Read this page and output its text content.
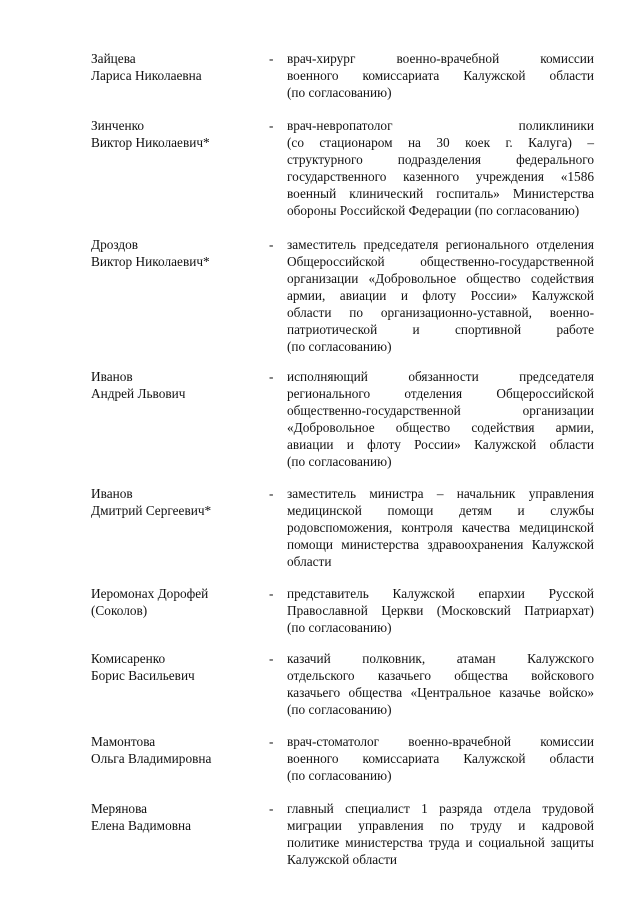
Зайцева
Лариса Николаевна
- врач-хирург военно-врачебной комиссии
военного комиссариата Калужской области
(по согласованию)
Зинченко
Виктор Николаевич*
- врач-невропатолог поликлиники
(со стационаром на 30 коек г. Калуга) –
структурного подразделения федерального
государственного казенного учреждения «1586
военный клинический госпиталь» Министерства
обороны Российской Федерации (по согласованию)
Дроздов
Виктор Николаевич*
- заместитель председателя регионального отделения
Общероссийской общественно-государственной
организации «Добровольное общество содействия
армии, авиации и флоту России» Калужской
области по организационно-уставной, военно-
патриотической и спортивной работе
(по согласованию)
Иванов
Андрей Львович
- исполняющий обязанности председателя
регионального отделения Общероссийской
общественно-государственной организации
«Добровольное общество содействия армии,
авиации и флоту России» Калужской области
(по согласованию)
Иванов
Дмитрий Сергеевич*
- заместитель министра – начальник управления
медицинской помощи детям и службы
родовспоможения, контроля качества медицинской
помощи министерства здравоохранения Калужской
области
Иеромонах Дорофей
(Соколов)
- представитель Калужской епархии Русской
Православной Церкви (Московский Патриархат)
(по согласованию)
Комисаренко
Борис Васильевич
- казачий полковник, атаман Калужского
отдельского казачьего общества войскового
казачьего общества «Центральное казачье войско»
(по согласованию)
Мамонтова
Ольга Владимировна
- врач-стоматолог военно-врачебной комиссии
военного комиссариата Калужской области
(по согласованию)
Мерянова
Елена Вадимовна
- главный специалист 1 разряда отдела трудовой
миграции управления по труду и кадровой
политике министерства труда и социальной защиты
Калужской области
